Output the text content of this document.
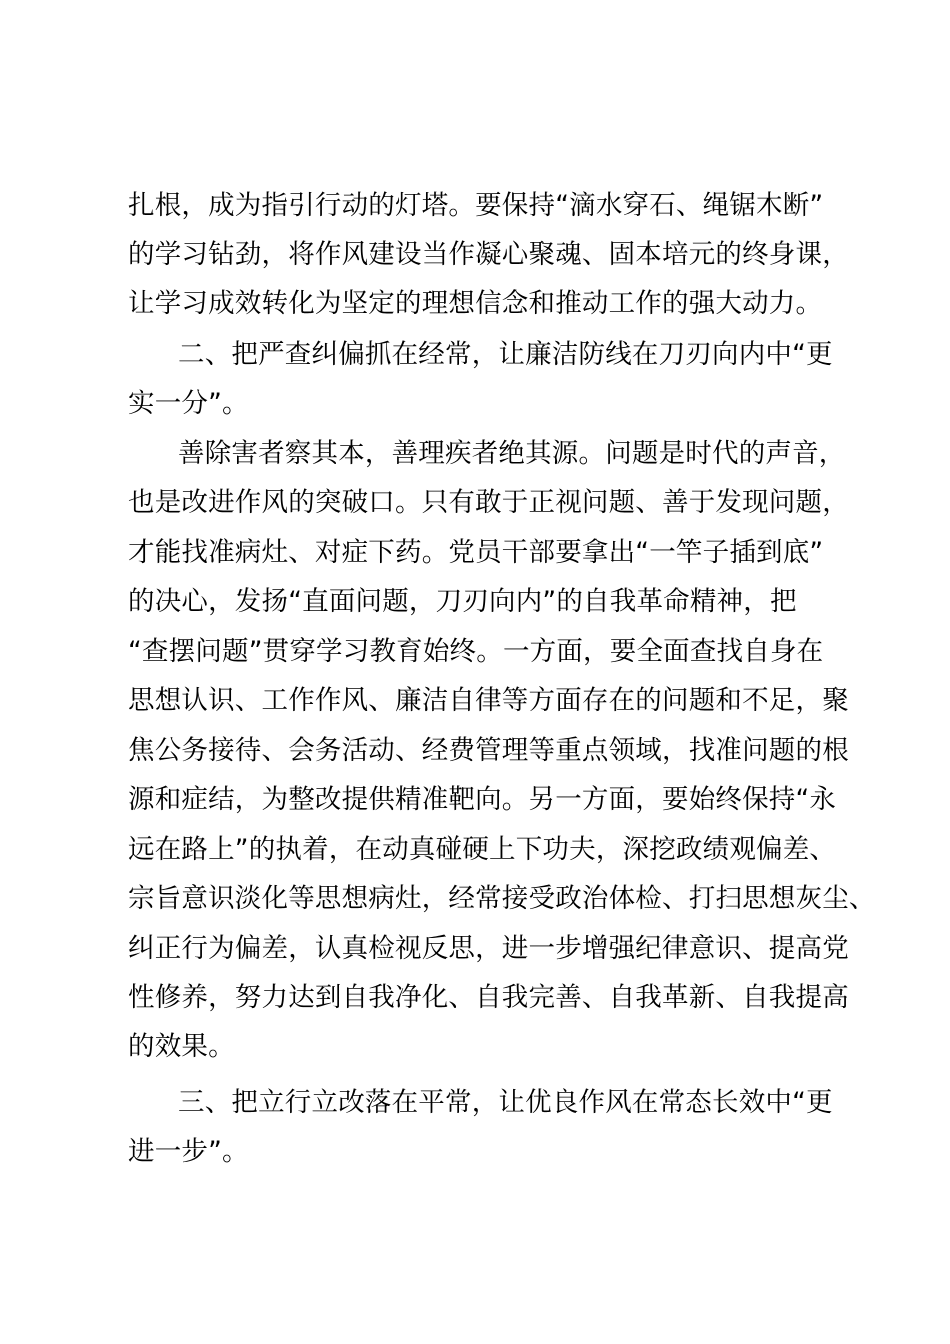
扎根，成为指引行动的灯塔。要保持“滴水穿石、绳锯木断”
的学习钻劲，将作风建设当作凝心聚魂、固本培元的终身课，
让学习成效转化为坚定的理想信念和推动工作的强大动力。
二、把严查纠偏抓在经常，让廉洁防线在刀刃向内中“更
实一分”。
善除害者察其本，善理疾者绝其源。问题是时代的声音，
也是改进作风的突破口。只有敢于正视问题、善于发现问题，
才能找准病灶、对症下药。党员干部要拿出“一竿子插到底”
的决心，发扬“直面问题，刀刃向内”的自我革命精神，把
“查摆问题”贯穿学习教育始终。一方面，要全面查找自身在
思想认识、工作作风、廉洁自律等方面存在的问题和不足，聚
焦公务接待、会务活动、经费管理等重点领域，找准问题的根
源和症结，为整改提供精准靶向。另一方面，要始终保持“永
远在路上”的执着，在动真碰硬上下功夫，深挖政绩观偏差、
宗旨意识淡化等思想病灶，经常接受政治体检、打扫思想灰尘、
纠正行为偏差，认真检视反思，进一步增强纪律意识、提高党
性修养，努力达到自我净化、自我完善、自我革新、自我提高
的效果。
三、把立行立改落在平常，让优良作风在常态长效中“更
进一步”。
